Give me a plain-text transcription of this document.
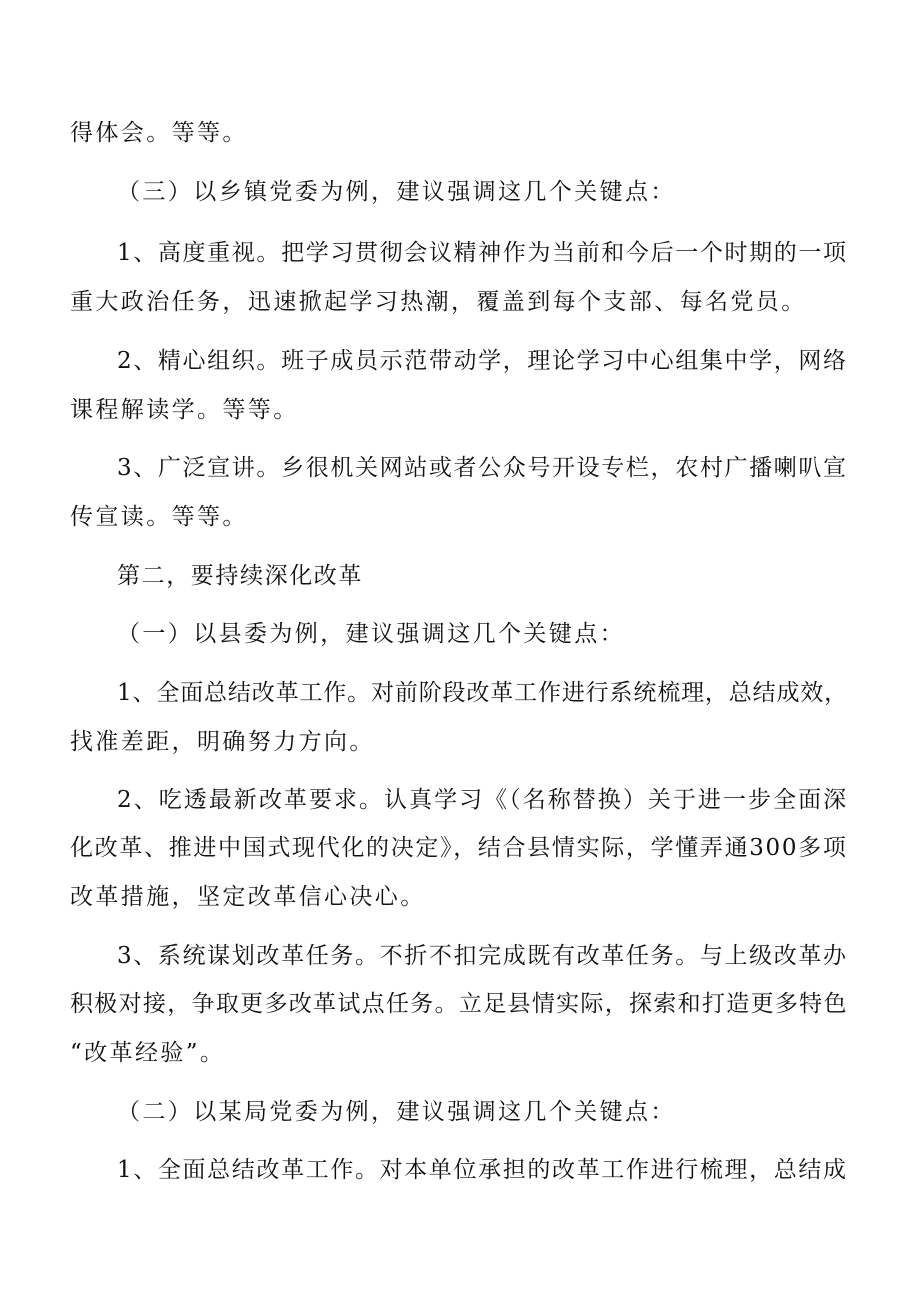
得体会。等等。

（三）以乡镇党委为例，建议强调这几个关键点：

1、高度重视。把学习贯彻会议精神作为当前和今后一个时期的一项

重大政治任务，迅速掀起学习热潮，覆盖到每个支部、每名党员。

2、精心组织。班子成员示范带动学，理论学习中心组集中学，网络

课程解读学。等等。

3、广泛宣讲。乡很机关网站或者公众号开设专栏，农村广播喇叭宣

传宣读。等等。

第二，要持续深化改革

（一）以县委为例，建议强调这几个关键点：

1、全面总结改革工作。对前阶段改革工作进行系统梳理，总结成效，

找准差距，明确努力方向。

2、吃透最新改革要求。认真学习《（名称替换）关于进一步全面深

化改革、推进中国式现代化的决定》，结合县情实际，学懂弄通300多项

改革措施，坚定改革信心决心。

3、系统谋划改革任务。不折不扣完成既有改革任务。与上级改革办

积极对接，争取更多改革试点任务。立足县情实际，探索和打造更多特色

“改革经验”。

（二）以某局党委为例，建议强调这几个关键点：

1、全面总结改革工作。对本单位承担的改革工作进行梳理，总结成
